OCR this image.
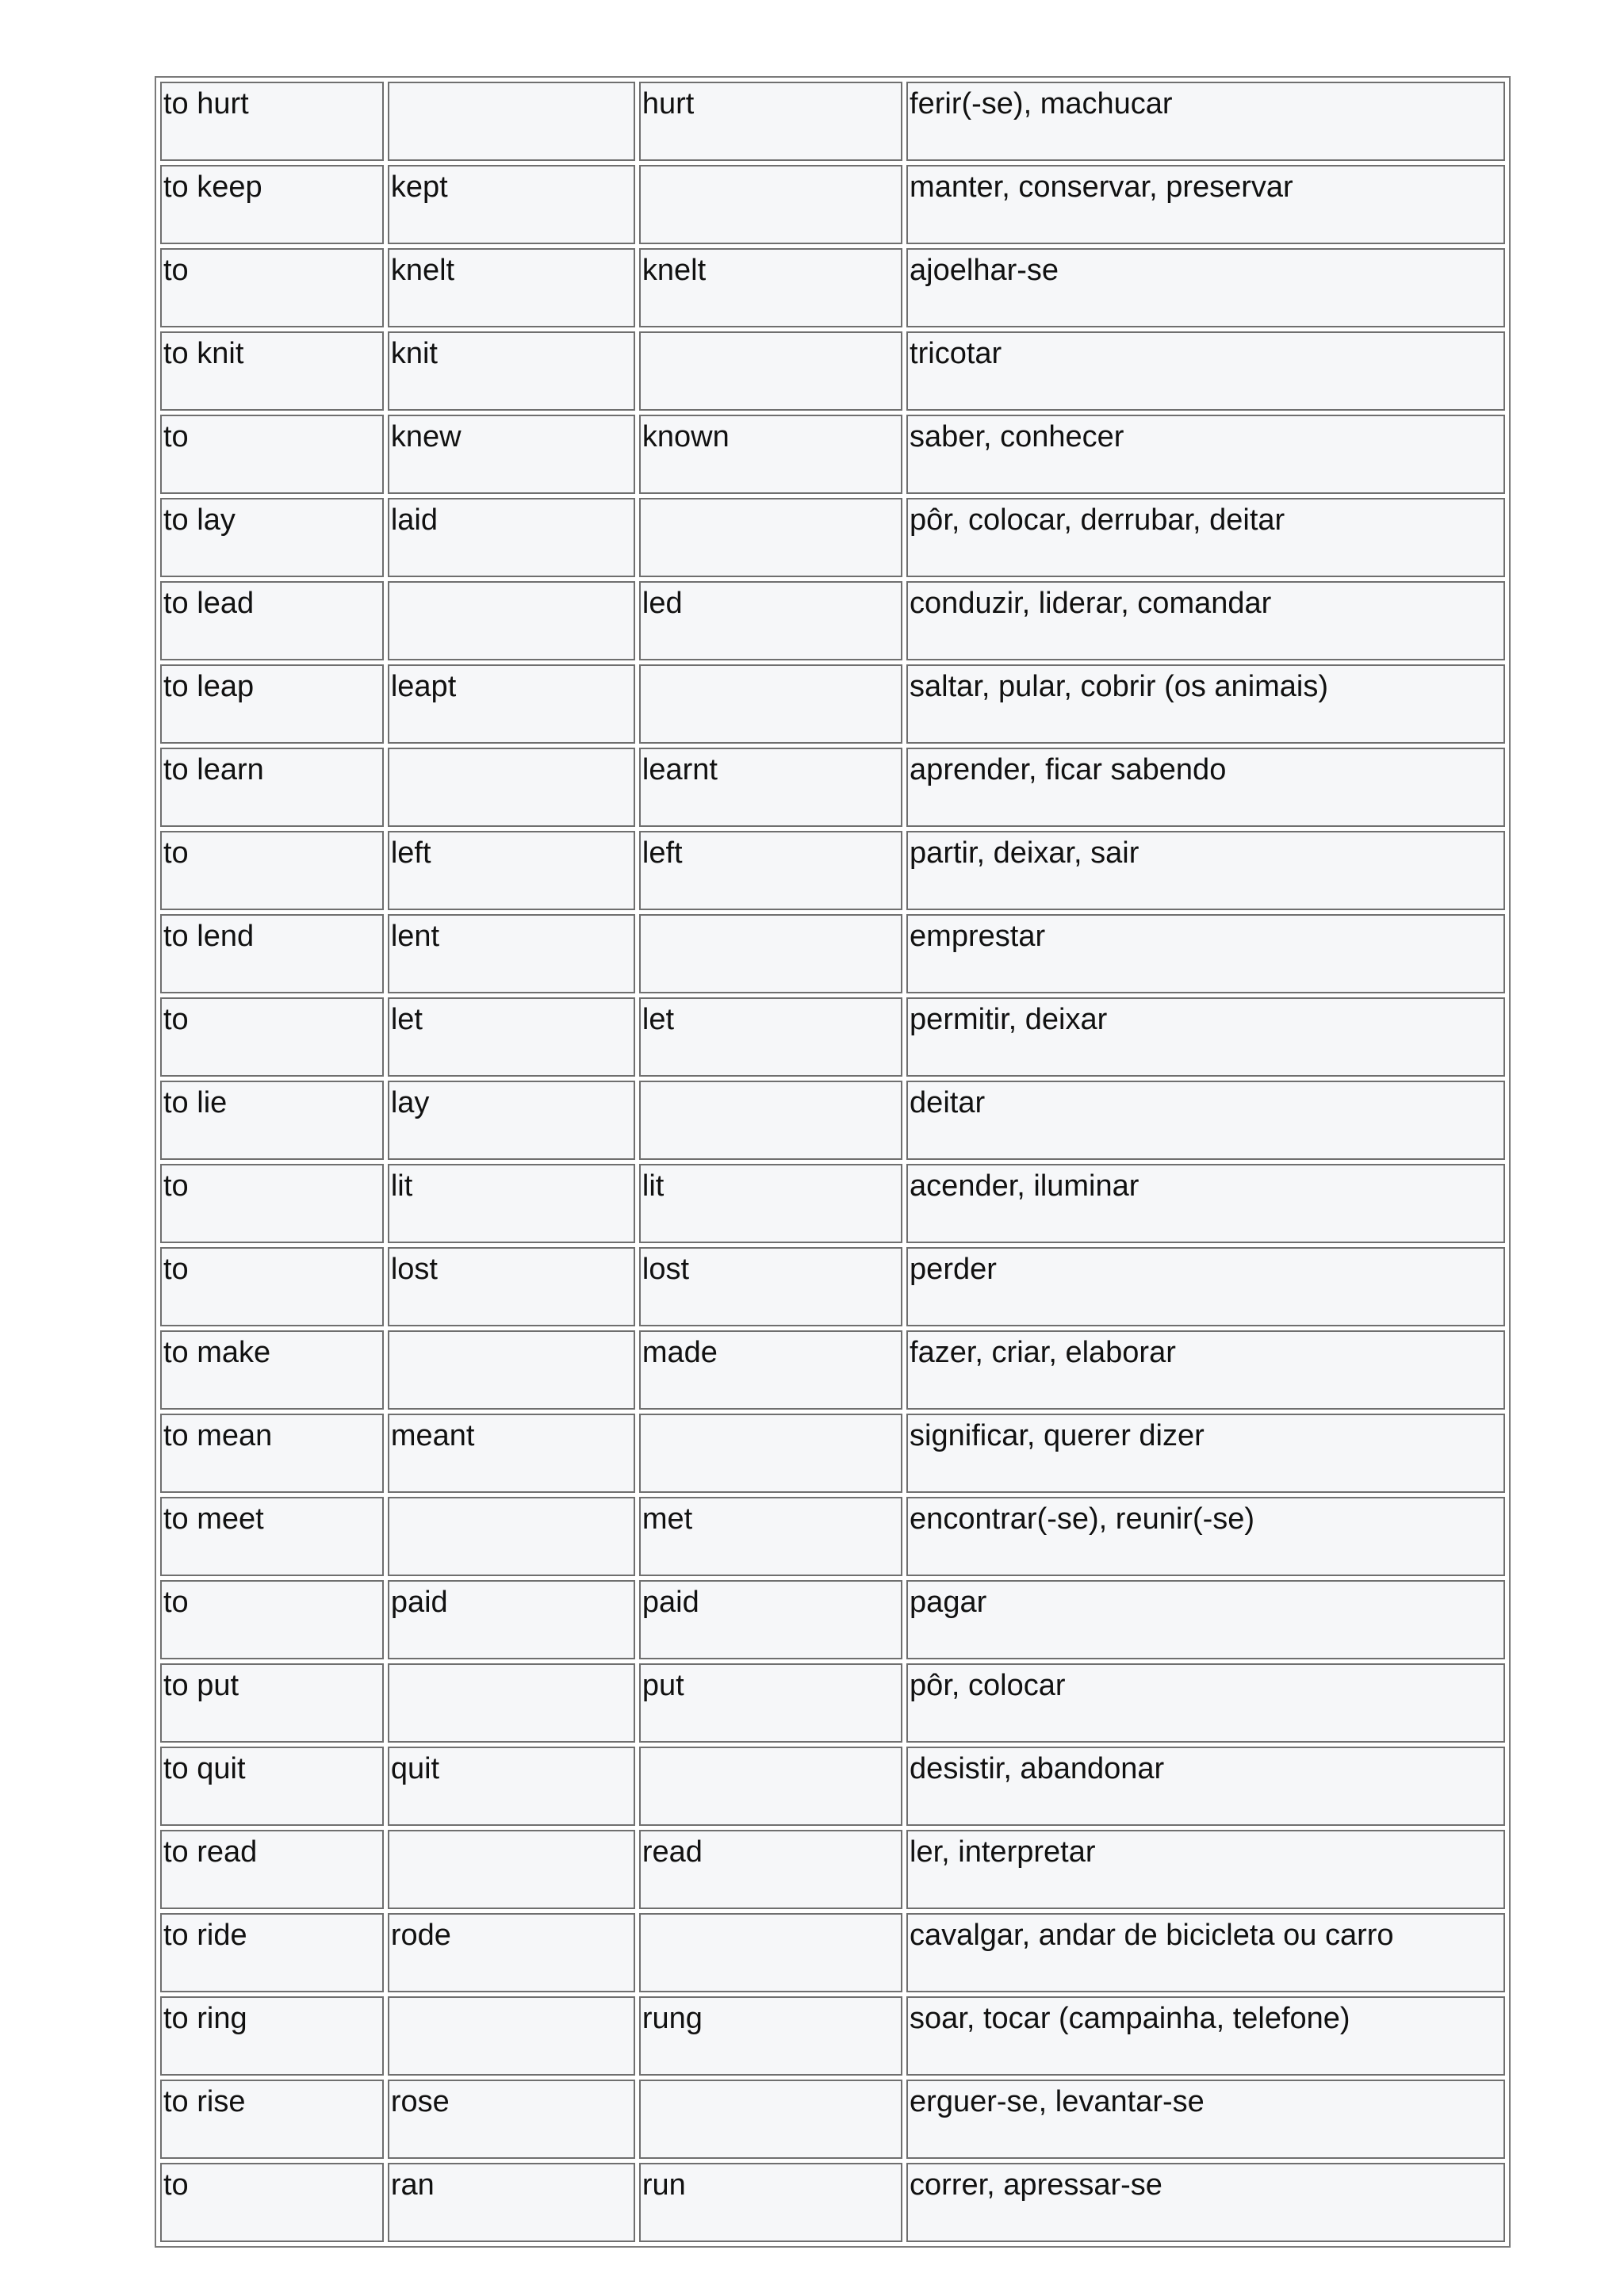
to hurt		hurt	ferir(-se), machucar
to keep	kept		manter, conservar, preservar
to	knelt	knelt	ajoelhar-se
to knit	knit		tricotar
to	knew	known	saber, conhecer
to lay	laid		pôr, colocar, derrubar, deitar
to lead		led	conduzir, liderar, comandar
to leap	leapt		saltar, pular, cobrir (os animais)
to learn		learnt	aprender, ficar sabendo
to	left	left	partir, deixar, sair
to lend	lent		emprestar
to	let	let	permitir, deixar
to lie	lay		deitar
to	lit	lit	acender, iluminar
to	lost	lost	perder
to make		made	fazer, criar, elaborar
to mean	meant		significar, querer dizer
to meet		met	encontrar(-se), reunir(-se)
to	paid	paid	pagar
to put		put	pôr, colocar
to quit	quit		desistir, abandonar
to read		read	ler, interpretar
to ride	rode		cavalgar, andar de bicicleta ou carro
to ring		rung	soar, tocar (campainha, telefone)
to rise	rose		erguer-se, levantar-se
to	ran	run	correr, apressar-se
